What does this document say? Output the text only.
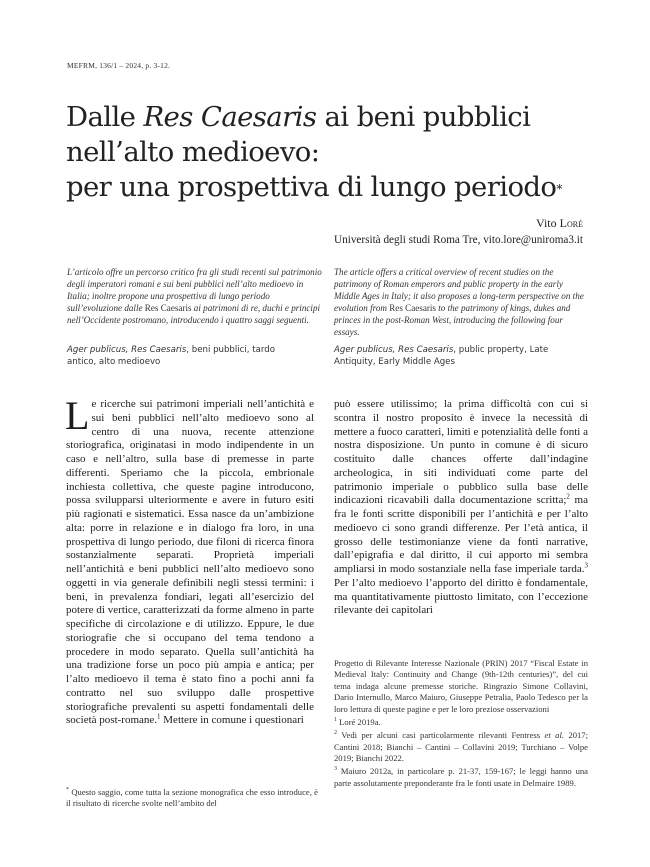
MEFRM, 136/1 – 2024, p. 3-12.
Dalle Res Caesaris ai beni pubblici
nell’alto medioevo:
per una prospettiva di lungo periodo*
Vito Loré
Università degli studi Roma Tre, vito.lore@uniroma3.it
L’articolo offre un percorso critico fra gli studi recenti sul patrimonio degli imperatori romani e sui beni pubblici nell’alto medioevo in Italia; inoltre propone una prospettiva di lungo periodo sull’evoluzione dalle Res Caesaris ai patrimoni di re, duchi e principi nell’Occidente postromano, introducendo i quattro saggi seguenti.
Ager publicus, Res Caesaris, beni pubblici, tardo antico, alto medioevo
The article offers a critical overview of recent studies on the patrimony of Roman emperors and public property in the early Middle Ages in Italy; it also proposes a long-term perspective on the evolution from Res Caesaris to the patrimony of kings, dukes and princes in the post-Roman West, introducing the following four essays.
Ager publicus, Res Caesaris, public property, Late Antiquity, Early Middle Ages

Le ricerche sui patrimoni imperiali nell’antichità e sui beni pubblici nell’alto medioevo sono al centro di una nuova, recente attenzione storiografica, originatasi in modo indipendente in un caso e nell’altro, sulla base di premesse in parte differenti. Speriamo che la piccola, embrionale inchiesta collettiva, che queste pagine introducono, possa svilupparsi ulteriormente e avere in futuro esiti più ragionati e sistematici. Essa nasce da un’ambizione alta: porre in relazione e in dialogo fra loro, in una prospettiva di lungo periodo, due filoni di ricerca finora sostanzialmente separati. Proprietà imperiali nell’antichità e beni pubblici nell’alto medioevo sono oggetti in via generale definibili negli stessi termini: i beni, in prevalenza fondiari, legati all’esercizio del potere di vertice, caratterizzati da forme almeno in parte specifiche di circolazione e di utilizzo. Eppure, le due storiografie che si occupano del tema tendono a procedere in modo separato. Quella sull’antichità ha una tradizione forse un poco più ampia e antica; per l’alto medioevo il tema è stato fino a pochi anni fa contratto nel suo sviluppo dalle prospettive storiografiche prevalenti su aspetti fondamentali delle società post-romane.$^1$ Mettere in comune i questionari

può essere utilissimo; la prima difficoltà con cui si scontra il nostro proposito è invece la necessità di mettere a fuoco caratteri, limiti e potenzialità delle fonti a nostra disposizione. Un punto in comune è di sicuro costituito dalle chances offerte dall’indagine archeologica, in siti individuati come parte del patrimonio imperiale o pubblico sulla base delle indicazioni ricavabili dalla documentazione scritta;$^2$ ma fra le fonti scritte disponibili per l’antichità e per l’alto medioevo ci sono grandi differenze. Per l’età antica, il grosso delle testimonianze viene da fonti narrative, dall’epigrafia e dal diritto, il cui apporto mi sembra ampliarsi in modo sostanziale nella fase imperiale tarda.$^3$ Per l’alto medioevo l’apporto del diritto è fondamentale, ma quantitativamente piuttosto limitato, con l’eccezione rilevante dei capitolari

* Questo saggio, come tutta la sezione monografica che esso introduce, è il risultato di ricerche svolte nell’ambito del

Progetto di Rilevante Interesse Nazionale (PRIN) 2017 “Fiscal Estate in Medieval Italy: Continuity and Change (9th-12th centuries)”, del cui tema indaga alcune premesse storiche. Ringrazio Simone Collavini, Dario Internullo, Marco Maiuro, Giuseppe Petralia, Paolo Tedesco per la loro lettura di queste pagine e per le loro preziose osservazioni

$^1$ Loré 2019a.

$^2$ Vedi per alcuni casi particolarmente rilevanti Fentress et al. 2017; Cantini 2018; Bianchi – Cantini – Collavini 2019; Turchiano – Volpe 2019; Bianchi 2022.

$^3$ Maiuro 2012a, in particolare p. 21-37, 159-167; le leggi hanno una parte assolutamente preponderante fra le fonti usate in Delmaire 1989.
